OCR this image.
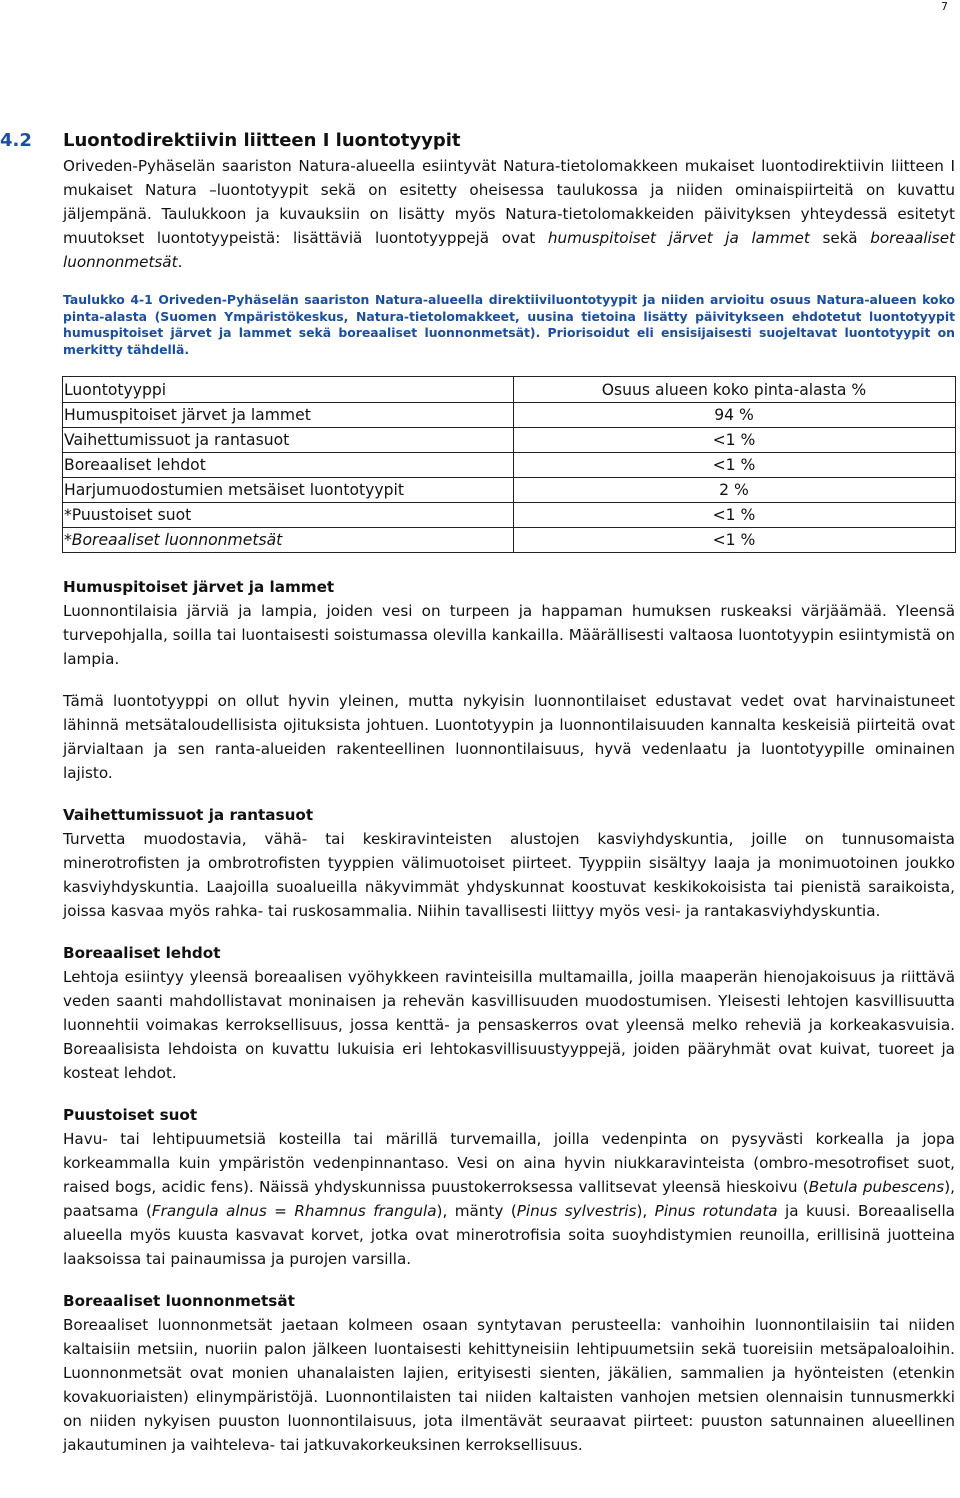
7
4.2 Luontodirektiivin liitteen I luontotyypit

Oriveden-Pyhäselän saariston Natura-alueella esiintyvät Natura-tietolomakkeen mukaiset luontodirektiivin liitteen I mukaiset Natura –luontotyypit sekä on esitetty oheisessa taulukossa ja niiden ominaispiirteitä on kuvattu jäljempänä. Taulukkoon ja kuvauksiin on lisätty myös Natura-tietolomakkeiden päivityksen yhteydessä esitetyt muutokset luontotyypeistä: lisättäviä luontotyyppejä ovat humuspitoiset järvet ja lammet sekä boreaaliset luonnonmetsät.

Taulukko 4-1 Oriveden-Pyhäselän saariston Natura-alueella direktiiviluontotyypit ja niiden arvioitu osuus Natura-alueen koko pinta-alasta (Suomen Ympäristökeskus, Natura-tietolomakkeet, uusina tietoina lisätty päivitykseen ehdotetut luontotyypit humuspitoiset järvet ja lammet sekä boreaaliset luonnonmetsät). Priorisoidut eli ensisijaisesti suojeltavat luontotyypit on merkitty tähdellä.

Luontotyyppi	Osuus alueen koko pinta-alasta %
Humuspitoiset järvet ja lammet	94 %
Vaihettumissuot ja rantasuot	<1 %
Boreaaliset lehdot	<1 %
Harjumuodostumien metsäiset luontotyypit	2 %
*Puustoiset suot	<1 %
*Boreaaliset luonnonmetsät	<1 %
Humuspitoiset järvet ja lammet

Luonnontilaisia järviä ja lampia, joiden vesi on turpeen ja happaman humuksen ruskeaksi värjäämää. Yleensä turvepohjalla, soilla tai luontaisesti soistumassa olevilla kankailla. Määrällisesti valtaosa luontotyypin esiintymistä on lampia.

Tämä luontotyyppi on ollut hyvin yleinen, mutta nykyisin luonnontilaiset edustavat vedet ovat harvinaistuneet lähinnä metsätaloudellisista ojituksista johtuen. Luontotyypin ja luonnontilaisuuden kannalta keskeisiä piirteitä ovat järvialtaan ja sen ranta-alueiden rakenteellinen luonnontilaisuus, hyvä vedenlaatu ja luontotyypille ominainen lajisto.

Vaihettumissuot ja rantasuot

Turvetta muodostavia, vähä- tai keskiravinteisten alustojen kasviyhdyskuntia, joille on tunnusomaista minerotrofisten ja ombrotrofisten tyyppien välimuotoiset piirteet. Tyyppiin sisältyy laaja ja monimuotoinen joukko kasviyhdyskuntia. Laajoilla suoalueilla näkyvimmät yhdyskunnat koostuvat keskikokoisista tai pienistä saraikoista, joissa kasvaa myös rahka- tai ruskosammalia. Niihin tavallisesti liittyy myös vesi- ja rantakasviyhdyskuntia.

Boreaaliset lehdot

Lehtoja esiintyy yleensä boreaalisen vyöhykkeen ravinteisilla multamailla, joilla maaperän hienojakoisuus ja riittävä veden saanti mahdollistavat moninaisen ja rehevän kasvillisuuden muodostumisen. Yleisesti lehtojen kasvillisuutta luonnehtii voimakas kerroksellisuus, jossa kenttä- ja pensaskerros ovat yleensä melko reheviä ja korkeakasvuisia. Boreaalisista lehdoista on kuvattu lukuisia eri lehtokasvillisuustyyppejä, joiden pääryhmät ovat kuivat, tuoreet ja kosteat lehdot.

Puustoiset suot

Havu- tai lehtipuumetsiä kosteilla tai märillä turvemailla, joilla vedenpinta on pysyvästi korkealla ja jopa korkeammalla kuin ympäristön vedenpinnantaso. Vesi on aina hyvin niukkaravinteista (ombro-mesotrofiset suot, raised bogs, acidic fens). Näissä yhdyskunnissa puustokerroksessa vallitsevat yleensä hieskoivu (Betula pubescens), paatsama (Frangula alnus = Rhamnus frangula), mänty (Pinus sylvestris), Pinus rotundata ja kuusi. Boreaalisella alueella myös kuusta kasvavat korvet, jotka ovat minerotrofisia soita suoyhdistymien reunoilla, erillisinä juotteina laaksoissa tai painaumissa ja purojen varsilla.

Boreaaliset luonnonmetsät

Boreaaliset luonnonmetsät jaetaan kolmeen osaan syntytavan perusteella: vanhoihin luonnontilaisiin tai niiden kaltaisiin metsiin, nuoriin palon jälkeen luontaisesti kehittyneisiin lehtipuumetsiin sekä tuoreisiin metsäpaloaloihin. Luonnonmetsät ovat monien uhanalaisten lajien, erityisesti sienten, jäkälien, sammalien ja hyönteisten (etenkin kovakuoriaisten) elinympäristöjä. Luonnontilaisten tai niiden kaltaisten vanhojen metsien olennaisin tunnusmerkki on niiden nykyisen puuston luonnontilaisuus, jota ilmentävät seuraavat piirteet: puuston satunnainen alueellinen jakautuminen ja vaihteleva- tai jatkuvakorkeuksinen kerroksellisuus.
